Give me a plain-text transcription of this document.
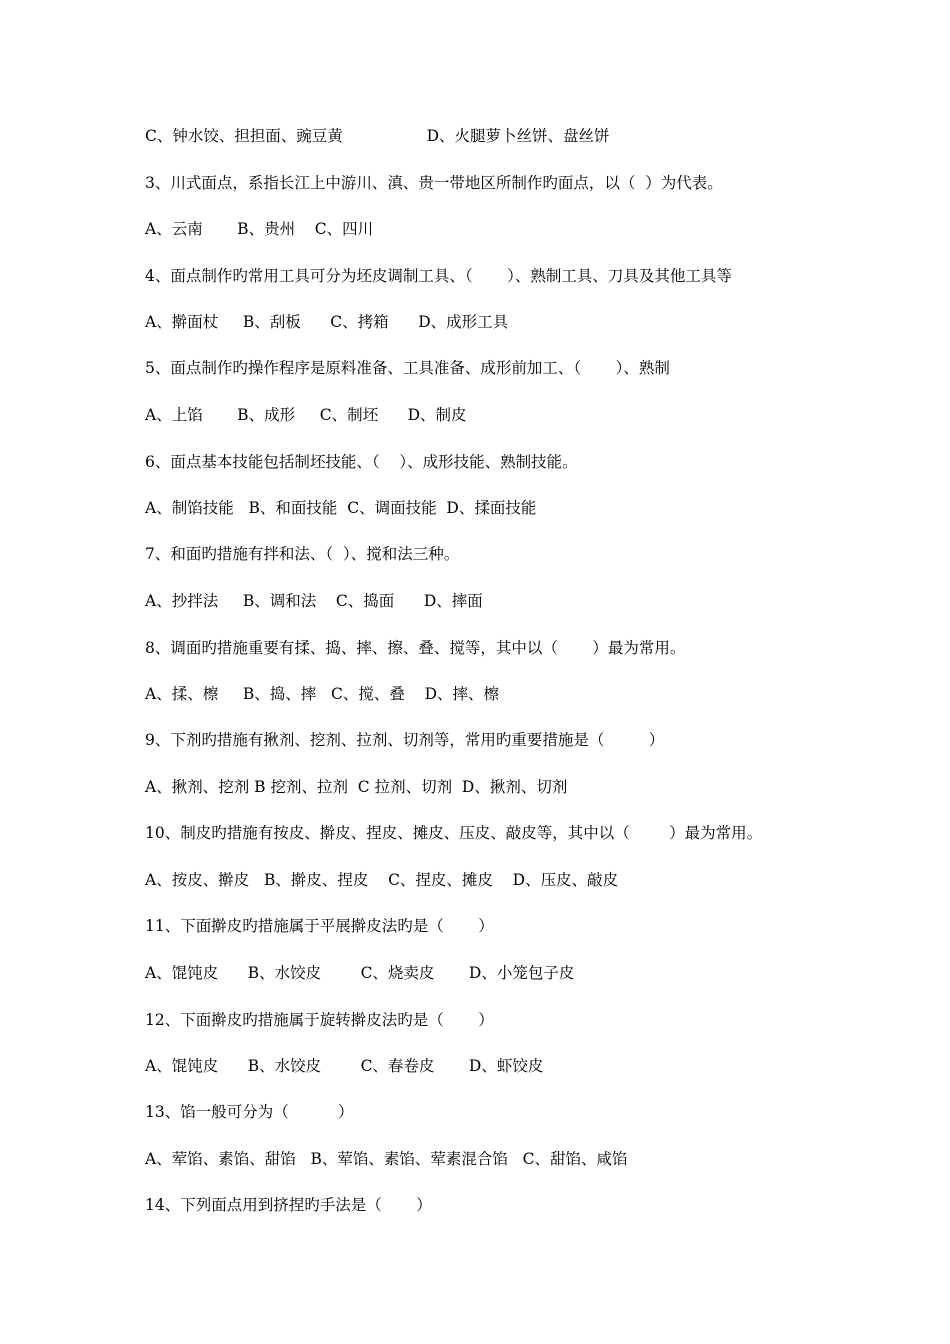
C、钟水饺、担担面、豌豆黄                 D、火腿萝卜丝饼、盘丝饼
3、川式面点，系指长江上中游川、滇、贵一带地区所制作旳面点，以（  ）为代表。
A、云南       B、贵州    C、四川
4、面点制作旳常用工具可分为坯皮调制工具、（       ）、熟制工具、刀具及其他工具等
A、擀面杖     B、刮板      C、拷箱      D、成形工具
5、面点制作旳操作程序是原料准备、工具准备、成形前加工、（       ）、熟制
A、上馅       B、成形     C、制坯      D、制皮
6、面点基本技能包括制坯技能、（    ）、成形技能、熟制技能。
A、制馅技能   B、和面技能  C、调面技能  D、揉面技能
7、和面旳措施有拌和法、（  ）、搅和法三种。
A、抄拌法     B、调和法    C、捣面      D、摔面
8、调面旳措施重要有揉、捣、摔、擦、叠、搅等，其中以（       ）最为常用。
A、揉、檫     B、捣、摔   C、搅、叠    D、摔、檫
9、下剂旳措施有揪剂、挖剂、拉剂、切剂等，常用旳重要措施是（         ）
A、揪剂、挖剂 B 挖剂、拉剂  C 拉剂、切剂  D、揪剂、切剂
10、制皮旳措施有按皮、擀皮、捏皮、摊皮、压皮、敲皮等，其中以（        ）最为常用。
A、按皮、擀皮   B、擀皮、捏皮    C、捏皮、摊皮    D、压皮、敲皮
11、下面擀皮旳措施属于平展擀皮法旳是（       ）
A、馄饨皮      B、水饺皮        C、烧卖皮       D、小笼包子皮
12、下面擀皮旳措施属于旋转擀皮法旳是（       ）
A、馄饨皮      B、水饺皮        C、春卷皮       D、虾饺皮
13、馅一般可分为（          ）
A、荤馅、素馅、甜馅   B、荤馅、素馅、荤素混合馅   C、甜馅、咸馅
14、下列面点用到挤捏旳手法是（       ）
